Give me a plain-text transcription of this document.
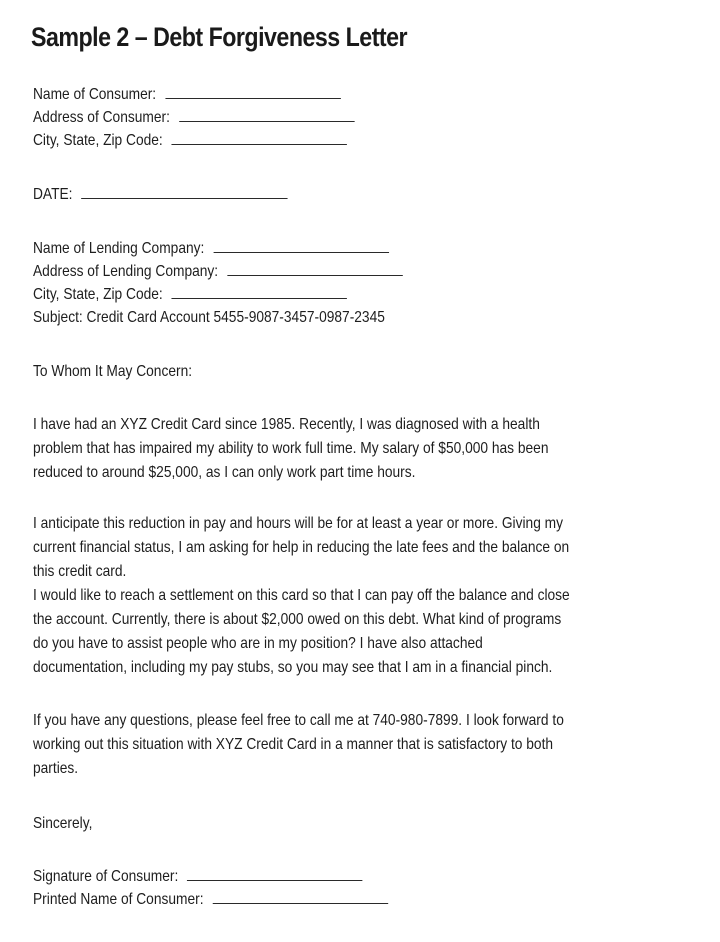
Sample 2 – Debt Forgiveness Letter
Name of Consumer:
Address of Consumer:
City, State, Zip Code:
DATE:
Name of Lending Company:
Address of Lending Company:
City, State, Zip Code:
Subject: Credit Card Account 5455-9087-3457-0987-2345
To Whom It May Concern:
I have had an XYZ Credit Card since 1985. Recently, I was diagnosed with a health
problem that has impaired my ability to work full time. My salary of $50,000 has been
reduced to around $25,000, as I can only work part time hours.
I anticipate this reduction in pay and hours will be for at least a year or more. Giving my
current financial status, I am asking for help in reducing the late fees and the balance on
this credit card.
I would like to reach a settlement on this card so that I can pay off the balance and close
the account. Currently, there is about $2,000 owed on this debt. What kind of programs
do you have to assist people who are in my position? I have also attached
documentation, including my pay stubs, so you may see that I am in a financial pinch.
If you have any questions, please feel free to call me at 740-980-7899. I look forward to
working out this situation with XYZ Credit Card in a manner that is satisfactory to both
parties.
Sincerely,
Signature of Consumer:
Printed Name of Consumer:
